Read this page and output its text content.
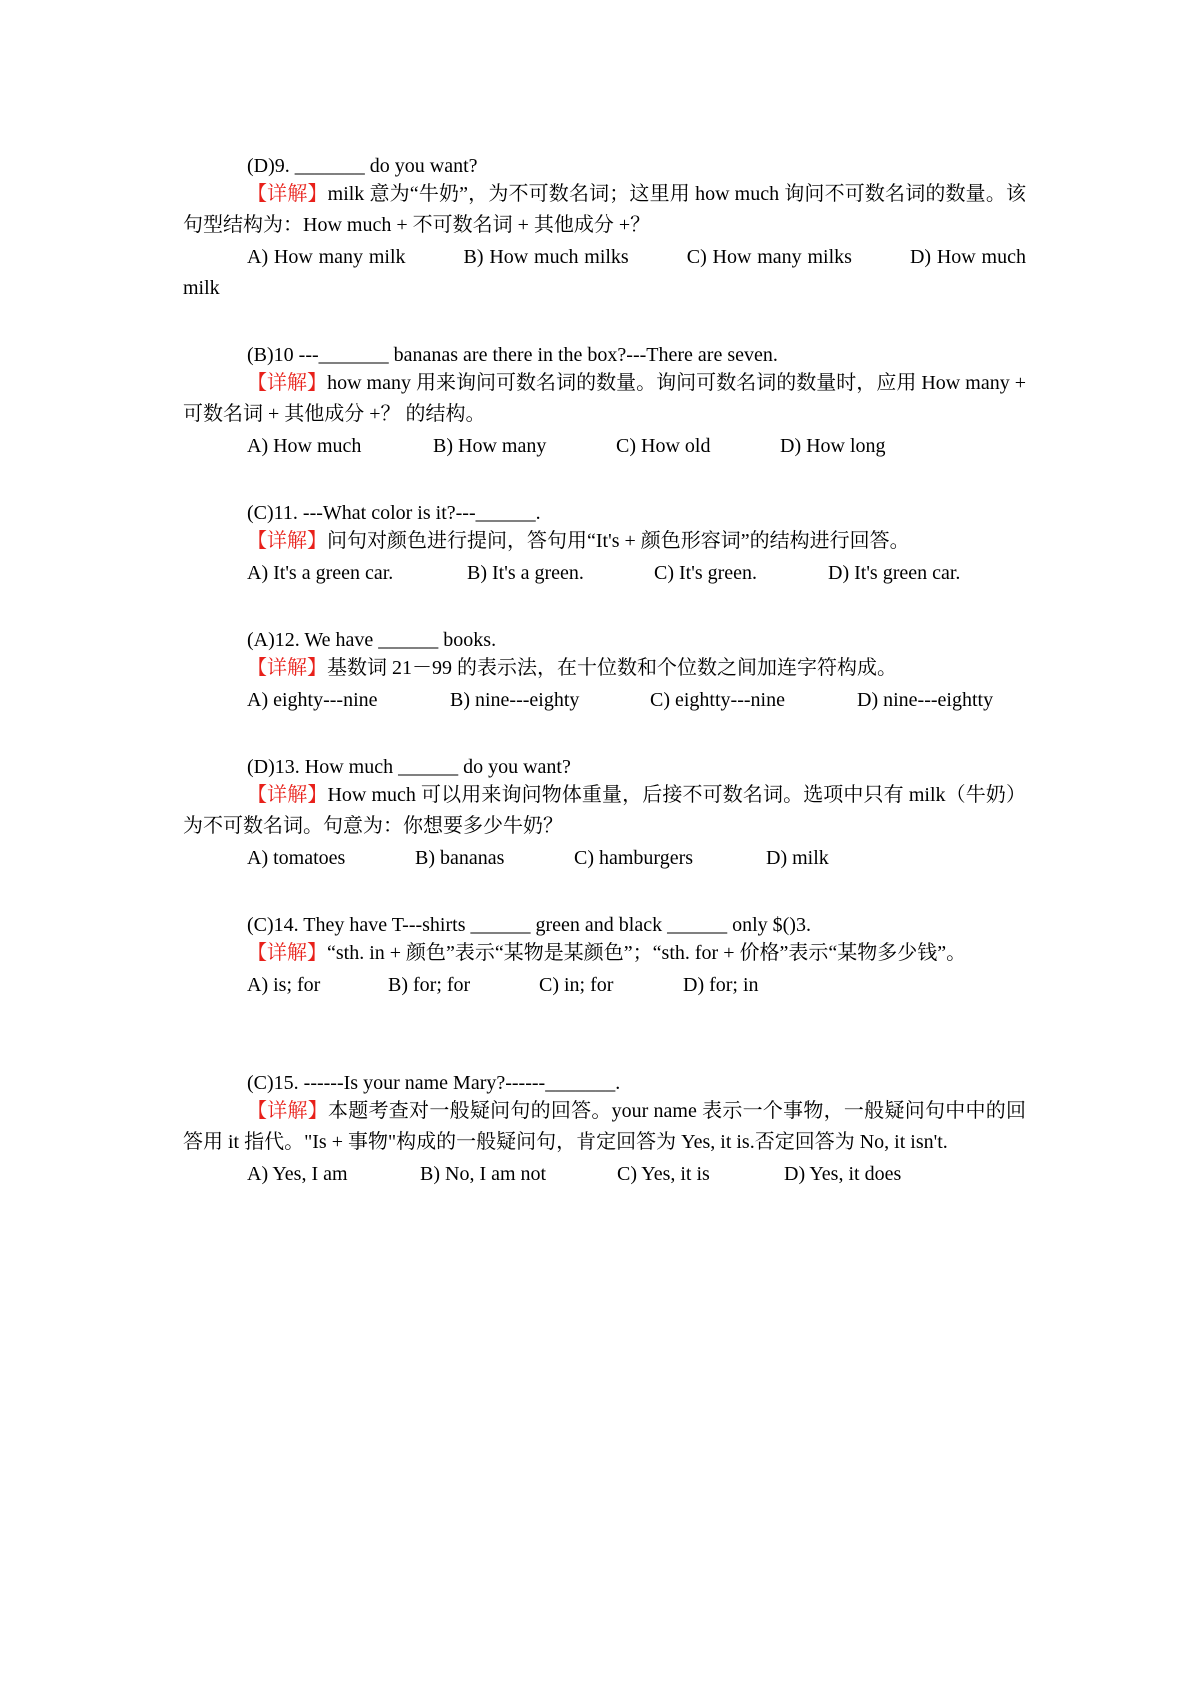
(D)9. _______ do you want?
【详解】milk 意为“牛奶”，为不可数名词；这里用 how much 询问不可数名词的数量。该句型结构为：How much + 不可数名词 + 其他成分 +？
A) How many milk          B) How much milks          C) How many milks          D) How much milk
(B)10 ---_______ bananas are there in the box?---There are seven.
【详解】how many 用来询问可数名词的数量。询问可数名词的数量时，应用 How many + 可数名词 + 其他成分 +？ 的结构。
A) How much	B) How many	C) How old	D) How long
(C)11. ---What color is it?---______.
【详解】问句对颜色进行提问，答句用“It's + 颜色形容词”的结构进行回答。
A) It's a green car.	B) It's a green.	C) It's green.	D) It's green car.
(A)12. We have ______ books.
【详解】基数词 21－99 的表示法，在十位数和个位数之间加连字符构成。
A) eighty---nine	B) nine---eighty	C) eightty---nine	D) nine---eightty
(D)13. How much ______ do you want?
【详解】How much 可以用来询问物体重量，后接不可数名词。选项中只有 milk（牛奶）为不可数名词。句意为：你想要多少牛奶？
A) tomatoes	B) bananas	C) hamburgers	D) milk
(C)14. They have T---shirts ______ green and black ______ only $()3.
【详解】“sth. in + 颜色”表示“某物是某颜色”；“sth. for + 价格”表示“某物多少钱”。
A) is; for	B) for; for	C) in; for	D) for; in
(C)15. ------Is your name Mary?------_______.
【详解】本题考查对一般疑问句的回答。your name 表示一个事物，一般疑问句中中的回答用 it 指代。"Is + 事物"构成的一般疑问句，肯定回答为 Yes, it is.否定回答为 No, it isn't.
A) Yes, I am	B) No, I am not	C) Yes, it is	D) Yes, it does
